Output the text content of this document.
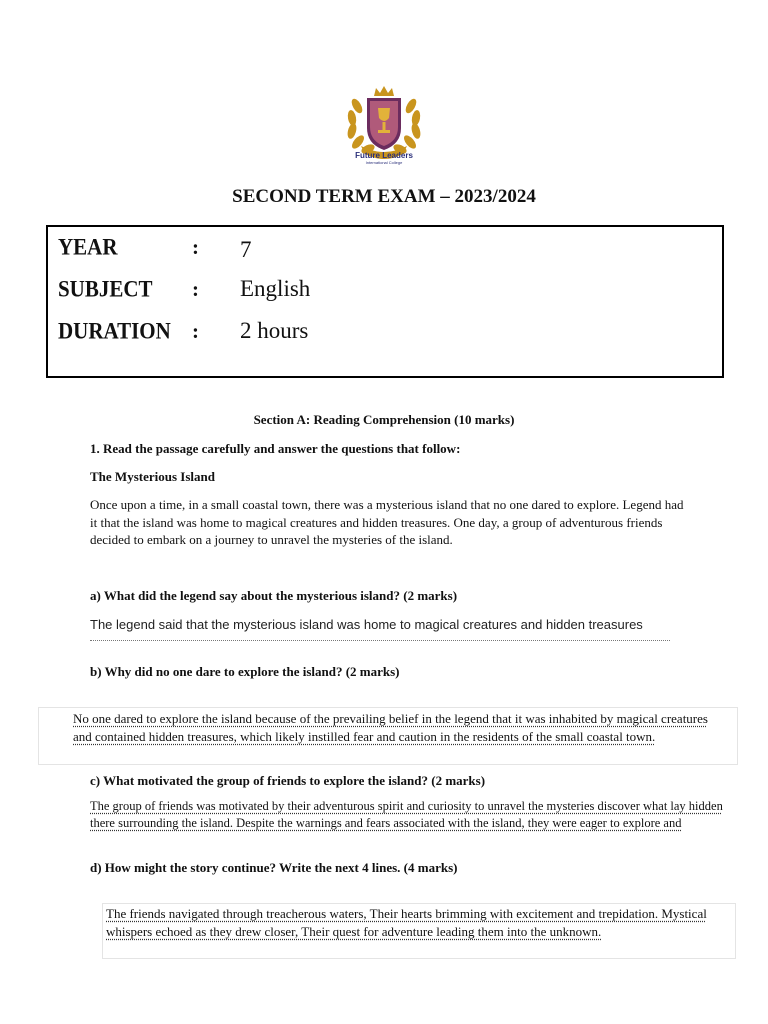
Future Leaders
International College
SECOND TERM EXAM – 2023/2024
YEAR	: 7
SUBJECT : English
DURATION : 2 hours
Section A: Reading Comprehension (10 marks)
1. Read the passage carefully and answer the questions that follow:
The Mysterious Island
Once upon a time, in a small coastal town, there was a mysterious island that no one dared to explore. Legend had it that the island was home to magical creatures and hidden treasures. One day, a group of adventurous friends decided to embark on a journey to unravel the mysteries of the island.
a) What did the legend say about the mysterious island? (2 marks)
The legend said that the mysterious island was home to magical creatures and hidden treasures
b) Why did no one dare to explore the island? (2 marks)
No one dared to explore the island because of the prevailing belief in the legend that it was inhabited by magical creatures and contained hidden treasures, which likely instilled fear and caution in the residents of the small coastal town.
c) What motivated the group of friends to explore the island? (2 marks)
The group of friends was motivated by their adventurous spirit and curiosity to unravel the mysteries discover what lay hidden there surrounding the island. Despite the warnings and fears associated with the island, they were eager to explore and
d) How might the story continue? Write the next 4 lines. (4 marks)
The friends navigated through treacherous waters, Their hearts brimming with excitement and trepidation. Mystical whispers echoed as they drew closer, Their quest for adventure leading them into the unknown.
